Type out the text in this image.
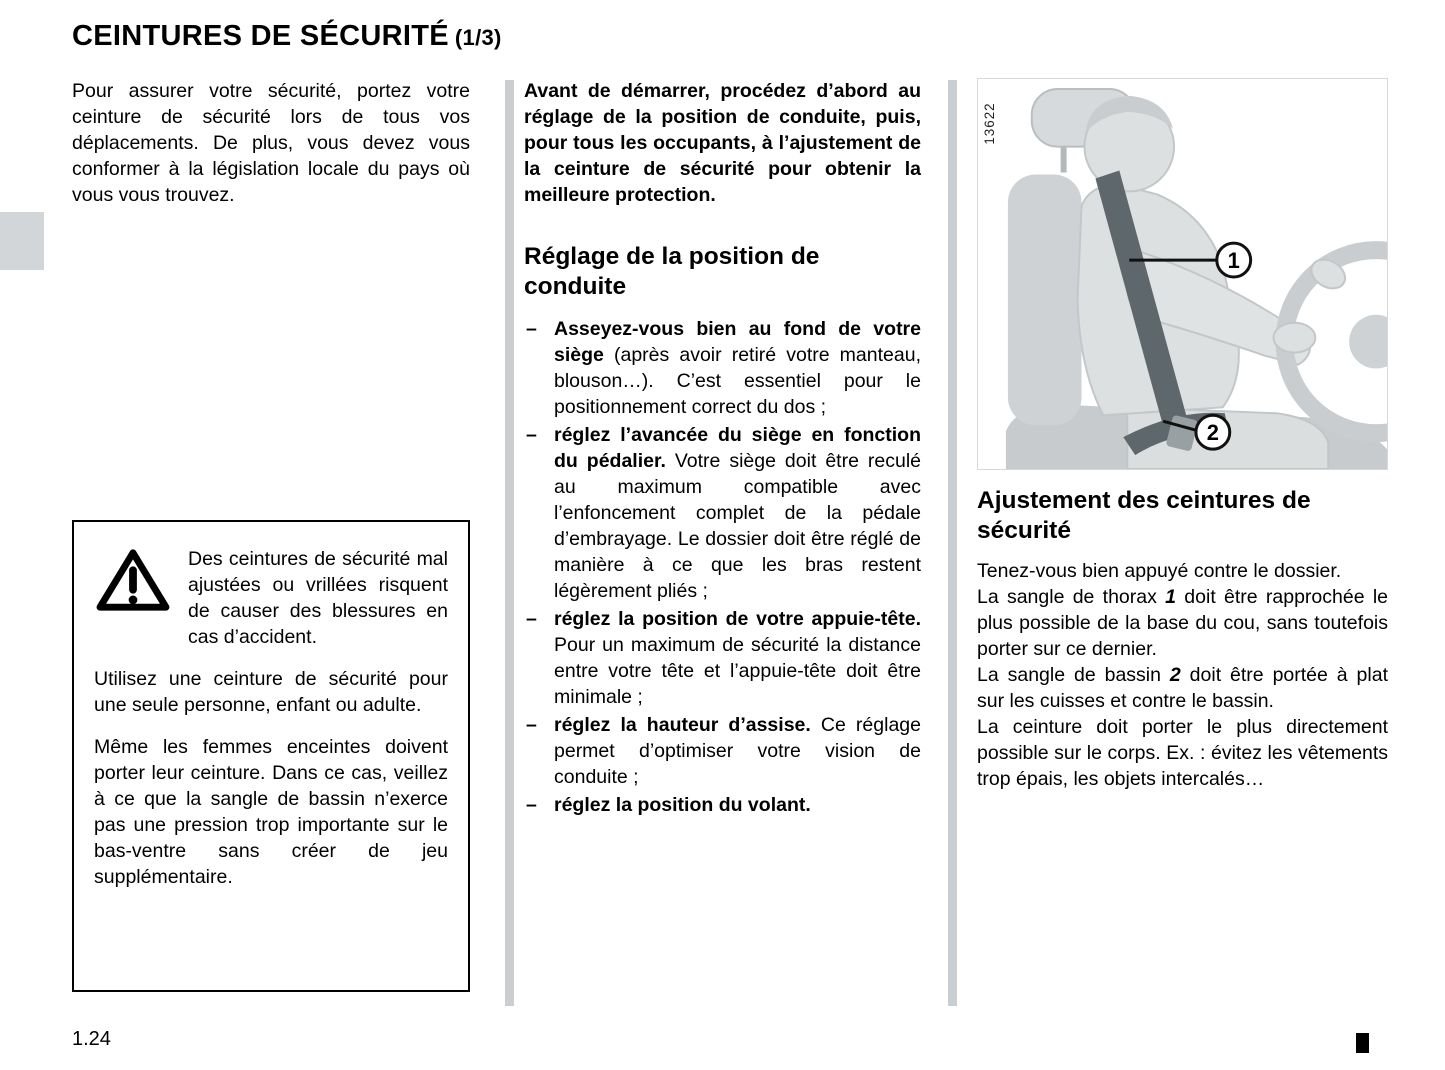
CEINTURES DE SÉCURITÉ (1/3)

Pour assurer votre sécurité, portez votre ceinture de sécurité lors de tous vos déplacements. De plus, vous devez vous conformer à la législation locale du pays où vous vous trouvez.

Des ceintures de sécurité mal ajustées ou vrillées risquent de causer des blessures en cas d’accident.

Utilisez une ceinture de sécurité pour une seule personne, enfant ou adulte.

Même les femmes enceintes doivent porter leur ceinture. Dans ce cas, veillez à ce que la sangle de bassin n’exerce pas une pression trop importante sur le bas-ventre sans créer de jeu supplémentaire.

Avant de démarrer, procédez d’abord au réglage de la position de conduite, puis, pour tous les occupants, à l’ajustement de la ceinture de sécurité pour obtenir la meilleure protection.

Réglage de la position de conduite
– Asseyez-vous bien au fond de votre siège (après avoir retiré votre manteau, blouson…). C’est essentiel pour le positionnement correct du dos ;
– réglez l’avancée du siège en fonction du pédalier. Votre siège doit être reculé au maximum compatible avec l’enfoncement complet de la pédale d’embrayage. Le dossier doit être réglé de manière à ce que les bras restent légèrement pliés ;
– réglez la position de votre appuie-tête. Pour un maximum de sécurité la distance entre votre tête et l’appuie-tête doit être minimale ;
– réglez la hauteur d’assise. Ce réglage permet d’optimiser votre vision de conduite ;
– réglez la position du volant.
1
2
13622
Ajustement des ceintures de sécurité

Tenez-vous bien appuyé contre le dossier.

La sangle de thorax 1 doit être rapprochée le plus possible de la base du cou, sans toutefois porter sur ce dernier.

La sangle de bassin 2 doit être portée à plat sur les cuisses et contre le bassin.

La ceinture doit porter le plus directement possible sur le corps. Ex. : évitez les vêtements trop épais, les objets intercalés…

1.24
